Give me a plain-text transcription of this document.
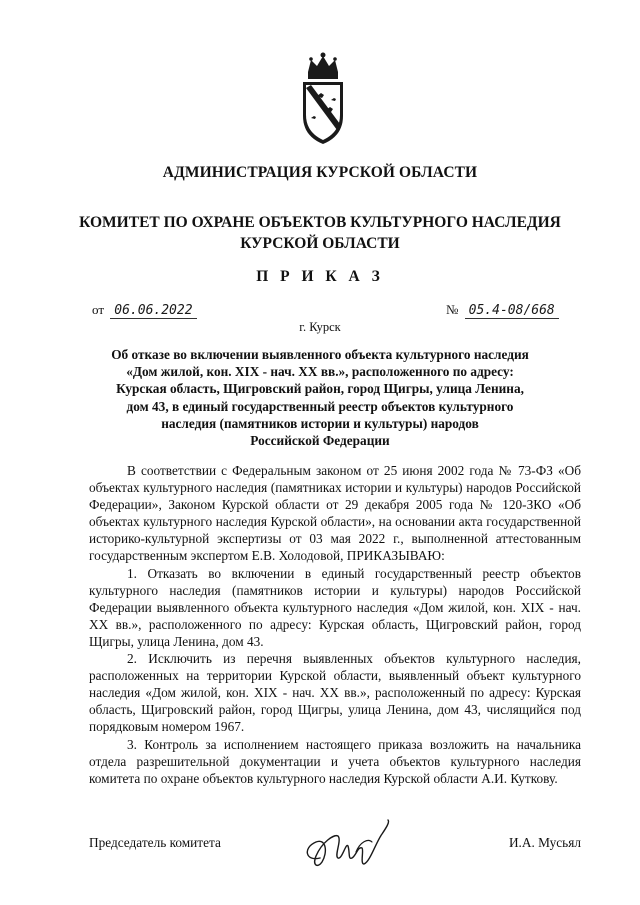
АДМИНИСТРАЦИЯ КУРСКОЙ ОБЛАСТИ
КОМИТЕТ ПО ОХРАНЕ ОБЪЕКТОВ КУЛЬТУРНОГО НАСЛЕДИЯ
КУРСКОЙ ОБЛАСТИ
П Р И К А З
от 06.06.2022	№ 05.4-08/668
г. Курск
Об отказе во включении выявленного объекта культурного наследия
«Дом жилой, кон. XIX - нач. XX вв.», расположенного по адресу:
Курская область, Щигровский район, город Щигры, улица Ленина,
дом 43, в единый государственный реестр объектов культурного
наследия (памятников истории и культуры) народов
Российской Федерации

В соответствии с Федеральным законом от 25 июня 2002 года № 73-ФЗ «Об объектах культурного наследия (памятниках истории и культуры) народов Российской Федерации», Законом Курской области от 29 декабря 2005 года № 120-ЗКО «Об объектах культурного наследия Курской области», на основании акта государственной историко-культурной экспертизы от 03 мая 2022 г., выполненной аттестованным государственным экспертом Е.В. Холодовой, ПРИКАЗЫВАЮ:

1. Отказать во включении в единый государственный реестр объектов культурного наследия (памятников истории и культуры) народов Российской Федерации выявленного объекта культурного наследия «Дом жилой, кон. XIX - нач. XX вв.», расположенного по адресу: Курская область, Щигровский район, город Щигры, улица Ленина, дом 43.

2. Исключить из перечня выявленных объектов культурного наследия, расположенных на территории Курской области, выявленный объект культурного наследия «Дом жилой, кон. XIX - нач. XX вв.», расположенный по адресу: Курская область, Щигровский район, город Щигры, улица Ленина, дом 43, числящийся под порядковым номером 1967.

3. Контроль за исполнением настоящего приказа возложить на начальника отдела разрешительной документации и учета объектов культурного наследия комитета по охране объектов культурного наследия Курской области А.И. Куткову.

Председатель комитета	И.А. Мусьял
